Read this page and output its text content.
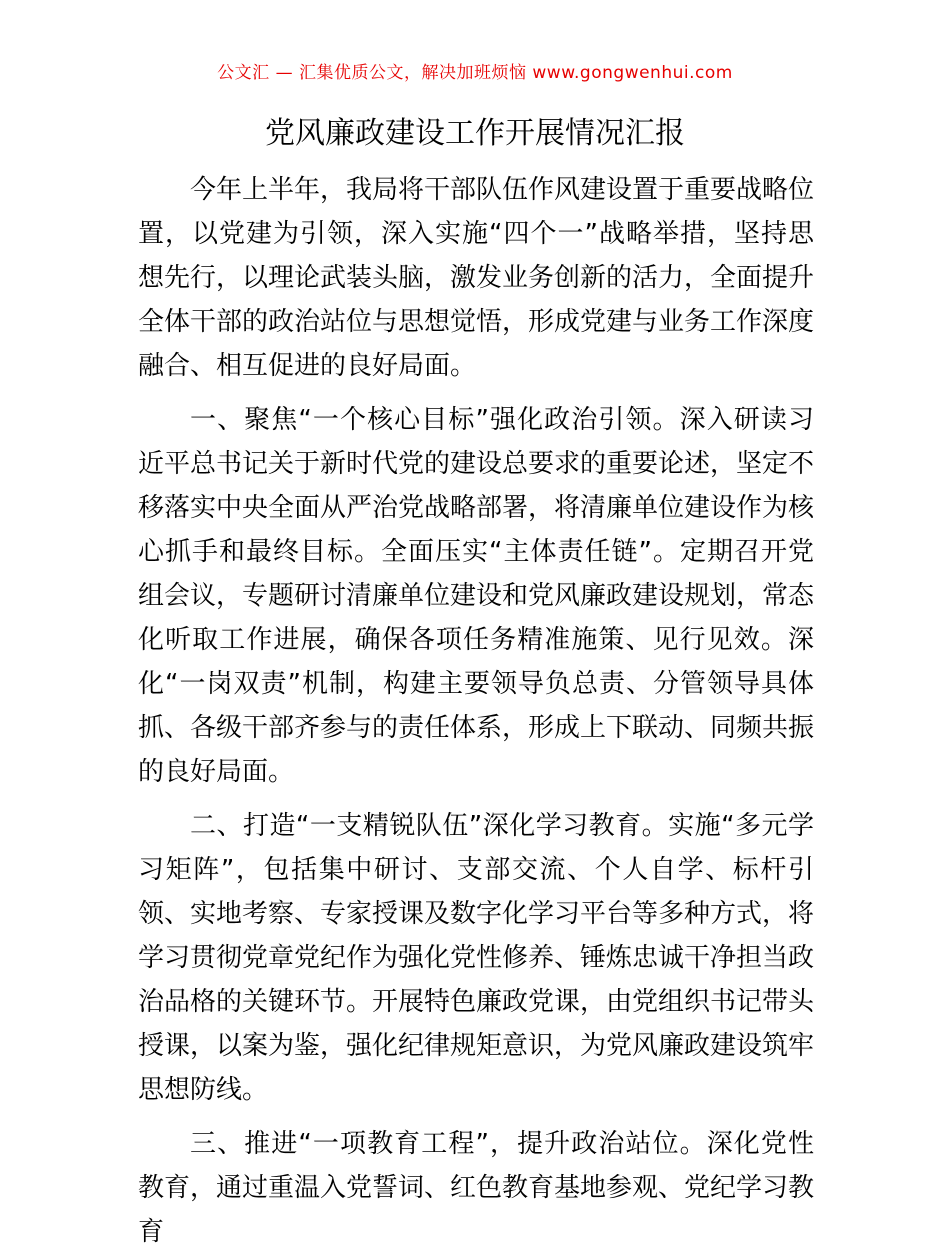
公文汇 — 汇集优质公文，解决加班烦恼 www.gongwenhui.com
党风廉政建设工作开展情况汇报

今年上半年，我局将干部队伍作风建设置于重要战略位置，以党建为引领，深入实施“四个一”战略举措，坚持思想先行，以理论武装头脑，激发业务创新的活力，全面提升全体干部的政治站位与思想觉悟，形成党建与业务工作深度融合、相互促进的良好局面。

一、聚焦“一个核心目标”强化政治引领。深入研读习近平总书记关于新时代党的建设总要求的重要论述，坚定不移落实中央全面从严治党战略部署，将清廉单位建设作为核心抓手和最终目标。全面压实“主体责任链”。定期召开党组会议，专题研讨清廉单位建设和党风廉政建设规划，常态化听取工作进展，确保各项任务精准施策、见行见效。深化“一岗双责”机制，构建主要领导负总责、分管领导具体抓、各级干部齐参与的责任体系，形成上下联动、同频共振的良好局面。

二、打造“一支精锐队伍”深化学习教育。实施“多元学习矩阵”，包括集中研讨、支部交流、个人自学、标杆引领、实地考察、专家授课及数字化学习平台等多种方式，将学习贯彻党章党纪作为强化党性修养、锤炼忠诚干净担当政治品格的关键环节。开展特色廉政党课，由党组织书记带头授课，以案为鉴，强化纪律规矩意识，为党风廉政建设筑牢思想防线。

三、推进“一项教育工程”，提升政治站位。深化党性教育，通过重温入党誓词、红色教育基地参观、党纪学习教育
